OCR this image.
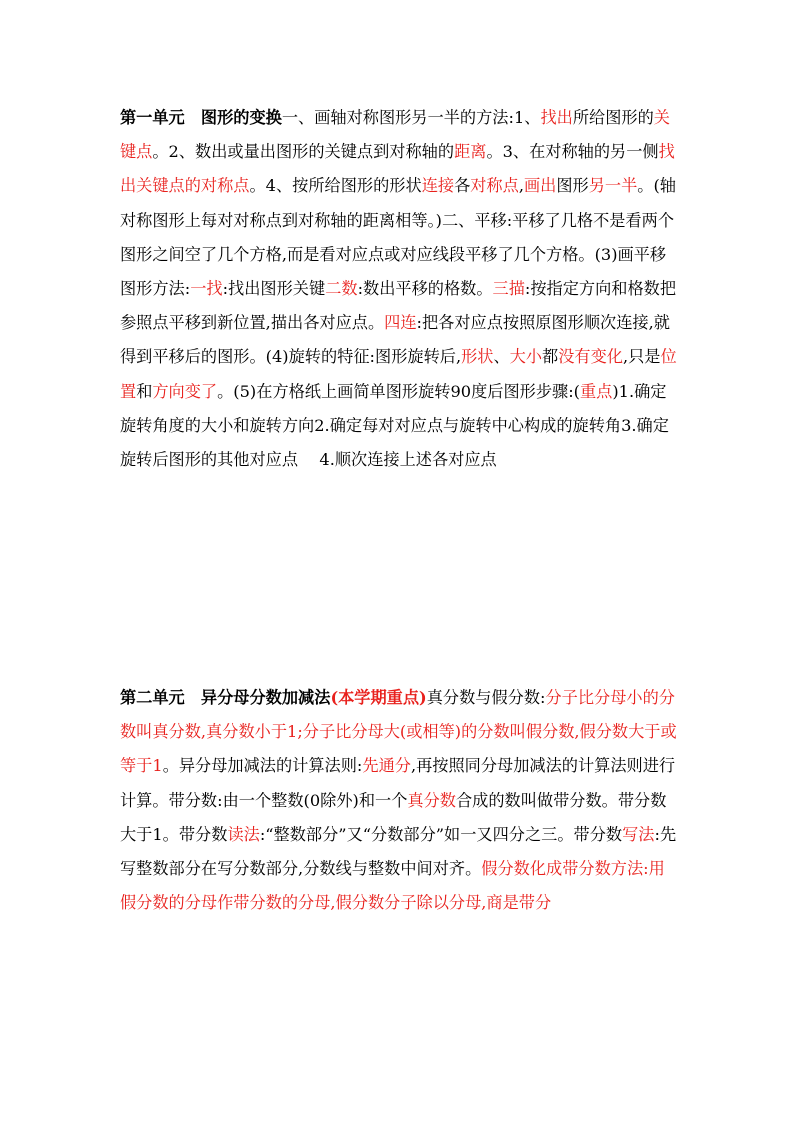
第一单元　图形的变换一、画轴对称图形另一半的方法:1、找出所给图形的关键点。2、数出或量出图形的关键点到对称轴的距离。3、在对称轴的另一侧找出关键点的对称点。4、按所给图形的形状连接各对称点,画出图形另一半。(轴对称图形上每对对称点到对称轴的距离相等。)二、平移:平移了几格不是看两个图形之间空了几个方格,而是看对应点或对应线段平移了几个方格。(3)画平移图形方法:一找:找出图形关键二数:数出平移的格数。三描:按指定方向和格数把参照点平移到新位置,描出各对应点。四连:把各对应点按照原图形顺次连接,就得到平移后的图形。(4)旋转的特征:图形旋转后,形状、大小都没有变化,只是位置和方向变了。(5)在方格纸上画简单图形旋转90度后图形步骤:(重点)1.确定旋转角度的大小和旋转方向2.确定每对对应点与旋转中心构成的旋转角3.确定旋转后图形的其他对应点　 4.顺次连接上述各对应点
第二单元　异分母分数加减法(本学期重点)真分数与假分数:分子比分母小的分数叫真分数,真分数小于1;分子比分母大(或相等)的分数叫假分数,假分数大于或等于1。异分母加减法的计算法则:先通分,再按照同分母加减法的计算法则进行计算。带分数:由一个整数(0除外)和一个真分数合成的数叫做带分数。带分数大于1。带分数读法:“整数部分”又“分数部分”如一又四分之三。带分数写法:先写整数部分在写分数部分,分数线与整数中间对齐。假分数化成带分数方法:用假分数的分母作带分数的分母,假分数分子除以分母,商是带分
